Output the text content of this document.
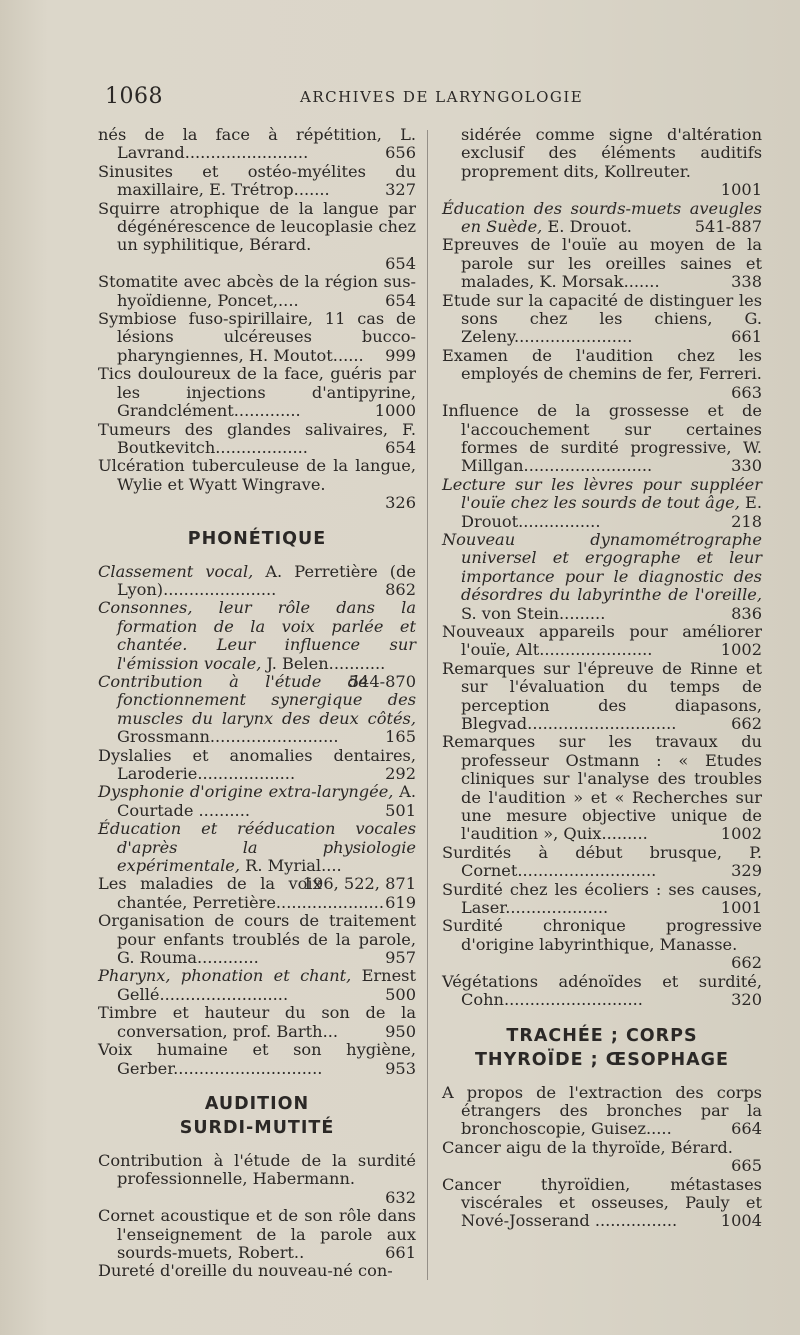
1068	ARCHIVES DE LARYNGOLOGIE
nés de la face à répétition, L. Lavrand........................	656
Sinusites et ostéo-myélites du maxillaire, E. Trétrop.......	327
Squirre atrophique de la langue par dégénérescence de leucoplasie chez un syphilitique, Bérard.
654
Stomatite avec abcès de la région sus-hyoïdienne, Poncet,....	654
Symbiose fuso-spirillaire, 11 cas de lésions ulcéreuses bucco-pharyngiennes, H. Moutot...... 999
Tics douloureux de la face, guéris par les injections d'antipyrine, Grandclément.............	1000
Tumeurs des glandes salivaires, F. Boutkevitch..................	654
Ulcération tuberculeuse de la langue, Wylie et Wyatt Wingrave.
326
PHONÉTIQUE
Classement vocal, A. Perretière (de Lyon)......................	862
Consonnes, leur rôle dans la formation de la voix parlée et chantée. Leur influence sur l'émission vocale, J. Belen...........
544-870
Contribution à l'étude de fonctionnement synergique des muscles du larynx des deux côtés, Grossmann.........................	165
Dyslalies et anomalies dentaires, Laroderie...................	292
Dysphonie d'origine extra-laryngée, A. Courtade ..........	501
Éducation et rééducation vocales d'après la physiologie expérimentale, R. Myrial....
196, 522, 871
Les maladies de la voix chantée, Perretière..................... 619
Organisation de cours de traitement pour enfants troublés de la parole, G. Rouma............	957
Pharynx, phonation et chant, Ernest Gellé.........................	500
Timbre et hauteur du son de la conversation, prof. Barth...	950
Voix humaine et son hygiène, Gerber.............................	953
AUDITION
SURDI-MUTITÉ
Contribution à l'étude de la surdité professionnelle, Habermann.
632
Cornet acoustique et de son rôle dans l'enseignement de la parole aux sourds-muets, Robert..	661
Dureté d'oreille du nouveau-né con-
sidérée comme signe d'altération exclusif des éléments auditifs proprement dits, Kollreuter.
1001
Éducation des sourds-muets aveugles en Suède, E. Drouot.	541-887
Epreuves de l'ouïe au moyen de la parole sur les oreilles saines et malades, K. Morsak.......	338
Etude sur la capacité de distinguer les sons chez les chiens, G. Zeleny.......................	661
Examen de l'audition chez les employés de chemins de fer, Ferreri.
663
Influence de la grossesse et de l'accouchement sur certaines formes de surdité progressive, W. Millgan.........................	330
Lecture sur les lèvres pour suppléer l'ouïe chez les sourds de tout âge, E. Drouot................	218
Nouveau dynamométrographe universel et ergographe et leur importance pour le diagnostic des désordres du labyrinthe de l'oreille, S. von Stein.........	836
Nouveaux appareils pour améliorer l'ouïe, Alt......................	1002
Remarques sur l'épreuve de Rinne et sur l'évaluation du temps de perception des diapasons, Blegvad.............................	662
Remarques sur les travaux du professeur Ostmann : « Etudes cliniques sur l'analyse des troubles de l'audition » et « Recherches sur une mesure objective unique de l'audition », Quix.........	1002
Surdités à début brusque, P. Cornet...........................	329
Surdité chez les écoliers : ses causes, Laser....................	1001
Surdité chronique progressive d'origine labyrinthique, Manasse.
662
Végétations adénoïdes et surdité, Cohn...........................	320
TRACHÉE ; CORPS
THYROÏDE ; ŒSOPHAGE
A propos de l'extraction des corps étrangers des bronches par la bronchoscopie, Guisez.....	664
Cancer aigu de la thyroïde, Bérard.
665
Cancer thyroïdien, métastases viscérales et osseuses, Pauly et Nové-Josserand ................	1004
